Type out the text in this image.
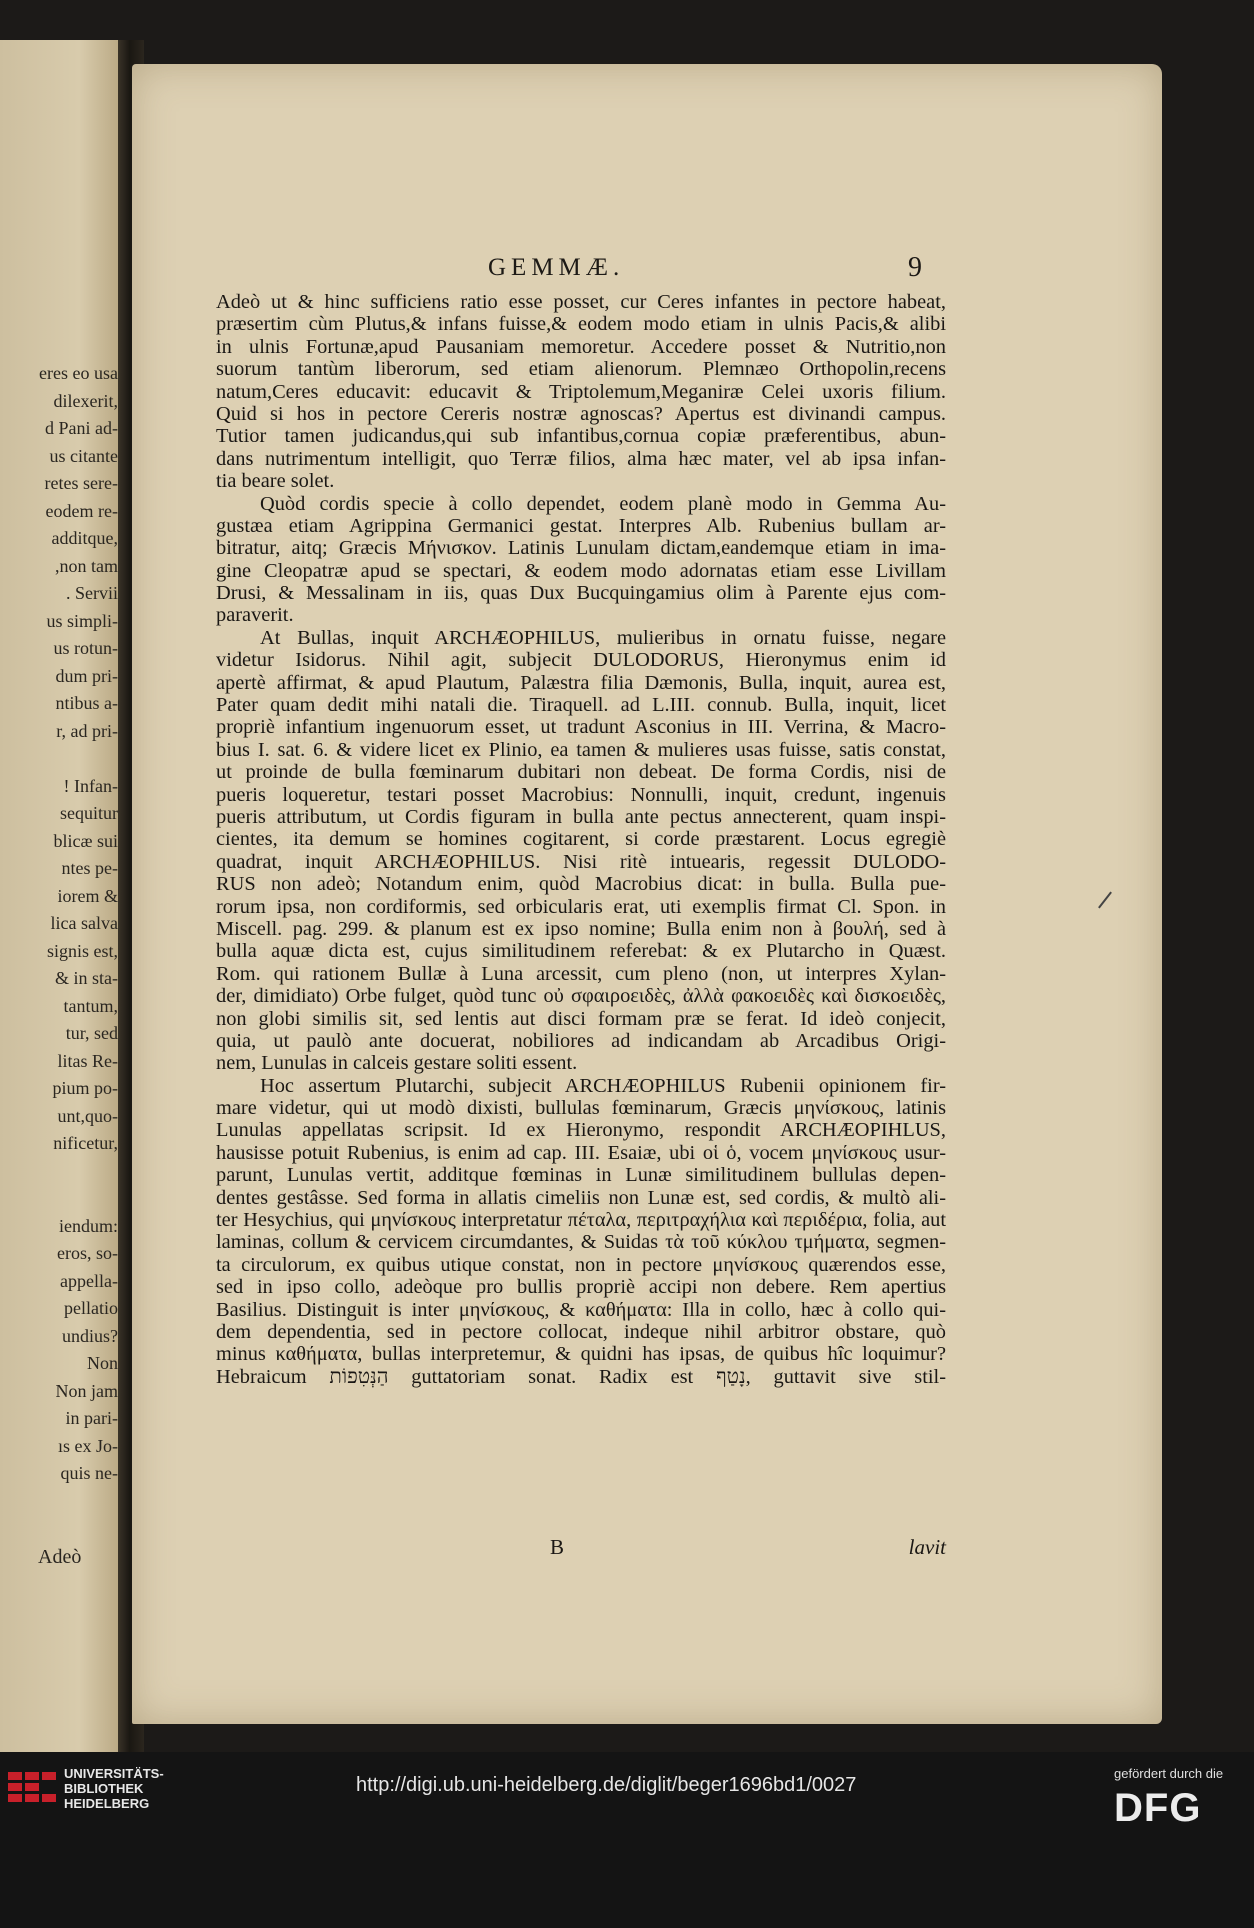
eres eo usa
dilexerit,
d Pani ad-
us citante
retes sere-
eodem re-
additque,
,non tam
. Servii
us simpli-
us rotun-
dum pri-
ntibus a-
r, ad pri-
! Infan-
sequitur
blicæ sui
ntes pe-
iorem &
lica salva
signis est,
& in sta-
tantum,
tur, sed
litas Re-
pium po-
unt,quo-
nificetur,
iendum:
eros, so-
appella-
pellatio
undius?
Non
Non jam
in pari-
ıs ex Jo-
quis ne-
Adeò
GEMMÆ.	9
Adeò ut & hinc sufficiens ratio esse posset, cur Ceres infantes in pectore habeat,
præsertim cùm Plutus,& infans fuisse,& eodem modo etiam in ulnis Pacis,& alibi
in ulnis Fortunæ,apud Pausaniam memoretur. Accedere posset & Nutritio,non
suorum tantùm liberorum, sed etiam alienorum. Plemnæo Orthopolin,recens
natum,Ceres educavit: educavit & Triptolemum,Meganiræ Celei uxoris filium.
Quid si hos in pectore Cereris nostræ agnoscas? Apertus est divinandi campus.
Tutior tamen judicandus,qui sub infantibus,cornua copiæ præferentibus, abun-
dans nutrimentum intelligit, quo Terræ filios, alma hæc mater, vel ab ipsa infan-
tia beare solet.
Quòd cordis specie à collo dependet, eodem planè modo in Gemma Au-
gustæa etiam Agrippina Germanici gestat. Interpres Alb. Rubenius bullam ar-
bitratur, aitq; Græcis Μήνισκον. Latinis Lunulam dictam,eandemque etiam in ima-
gine Cleopatræ apud se spectari, & eodem modo adornatas etiam esse Livillam
Drusi, & Messalinam in iis, quas Dux Bucquingamius olim à Parente ejus com-
paraverit.
At Bullas, inquit ARCHÆOPHILUS, mulieribus in ornatu fuisse, negare
videtur Isidorus. Nihil agit, subjecit DULODORUS, Hieronymus enim id
apertè affirmat, & apud Plautum, Palæstra filia Dæmonis, Bulla, inquit, aurea est,
Pater quam dedit mihi natali die. Tiraquell. ad L.III. connub. Bulla, inquit, licet
propriè infantium ingenuorum esset, ut tradunt Asconius in III. Verrina, & Macro-
bius I. sat. 6. & videre licet ex Plinio, ea tamen & mulieres usas fuisse, satis constat,
ut proinde de bulla fœminarum dubitari non debeat. De forma Cordis, nisi de
pueris loqueretur, testari posset Macrobius: Nonnulli, inquit, credunt, ingenuis
pueris attributum, ut Cordis figuram in bulla ante pectus annecterent, quam inspi-
cientes, ita demum se homines cogitarent, si corde præstarent. Locus egregiè
quadrat, inquit ARCHÆOPHILUS. Nisi ritè intuearis, regessit DULODO-
RUS non adeò; Notandum enim, quòd Macrobius dicat: in bulla. Bulla pue-
rorum ipsa, non cordiformis, sed orbicularis erat, uti exemplis firmat Cl. Spon. in
Miscell. pag. 299. & planum est ex ipso nomine; Bulla enim non à βουλή, sed à
bulla aquæ dicta est, cujus similitudinem referebat: & ex Plutarcho in Quæst.
Rom. qui rationem Bullæ à Luna arcessit, cum pleno (non, ut interpres Xylan-
der, dimidiato) Orbe fulget, quòd tunc οὐ σφαιροειδὲς, ἀλλὰ φακοειδὲς καὶ δισκοειδὲς,
non globi similis sit, sed lentis aut disci formam præ se ferat. Id ideò conjecit,
quia, ut paulò ante docuerat, nobiliores ad indicandam ab Arcadibus Origi-
nem, Lunulas in calceis gestare soliti essent.
Hoc assertum Plutarchi, subjecit ARCHÆOPHILUS Rubenii opinionem fir-
mare videtur, qui ut modò dixisti, bullulas fœminarum, Græcis μηνίσκους, latinis
Lunulas appellatas scripsit. Id ex Hieronymo, respondit ARCHÆOPIHLUS,
hausisse potuit Rubenius, is enim ad cap. III. Esaiæ, ubi οἱ ὁ, vocem μηνίσκους usur-
parunt, Lunulas vertit, additque fœminas in Lunæ similitudinem bullulas depen-
dentes gestâsse. Sed forma in allatis cimeliis non Lunæ est, sed cordis, & multò ali-
ter Hesychius, qui μηνίσκους interpretatur πέταλα, περιτραχήλια καὶ περιδέρια, folia, aut
laminas, collum & cervicem circumdantes, & Suidas τὰ τοῦ κύκλου τμήματα, segmen-
ta circulorum, ex quibus utique constat, non in pectore μηνίσκους quærendos esse,
sed in ipso collo, adeòque pro bullis propriè accipi non debere. Rem apertius
Basilius. Distinguit is inter μηνίσκους, & καθήματα: Illa in collo, hæc à collo qui-
dem dependentia, sed in pectore collocat, indeque nihil arbitror obstare, quò
minus καθήματα, bullas interpretemur, & quidni has ipsas, de quibus hîc loquimur?
Hebraicum הַנְּטִפוֹת guttatoriam sonat. Radix est נָטַף, guttavit sive stil-
B	lavit
UNIVERSITÄTS-
BIBLIOTHEK
HEIDELBERG
http://digi.ub.uni-heidelberg.de/diglit/beger1696bd1/0027
gefördert durch die
DFG
